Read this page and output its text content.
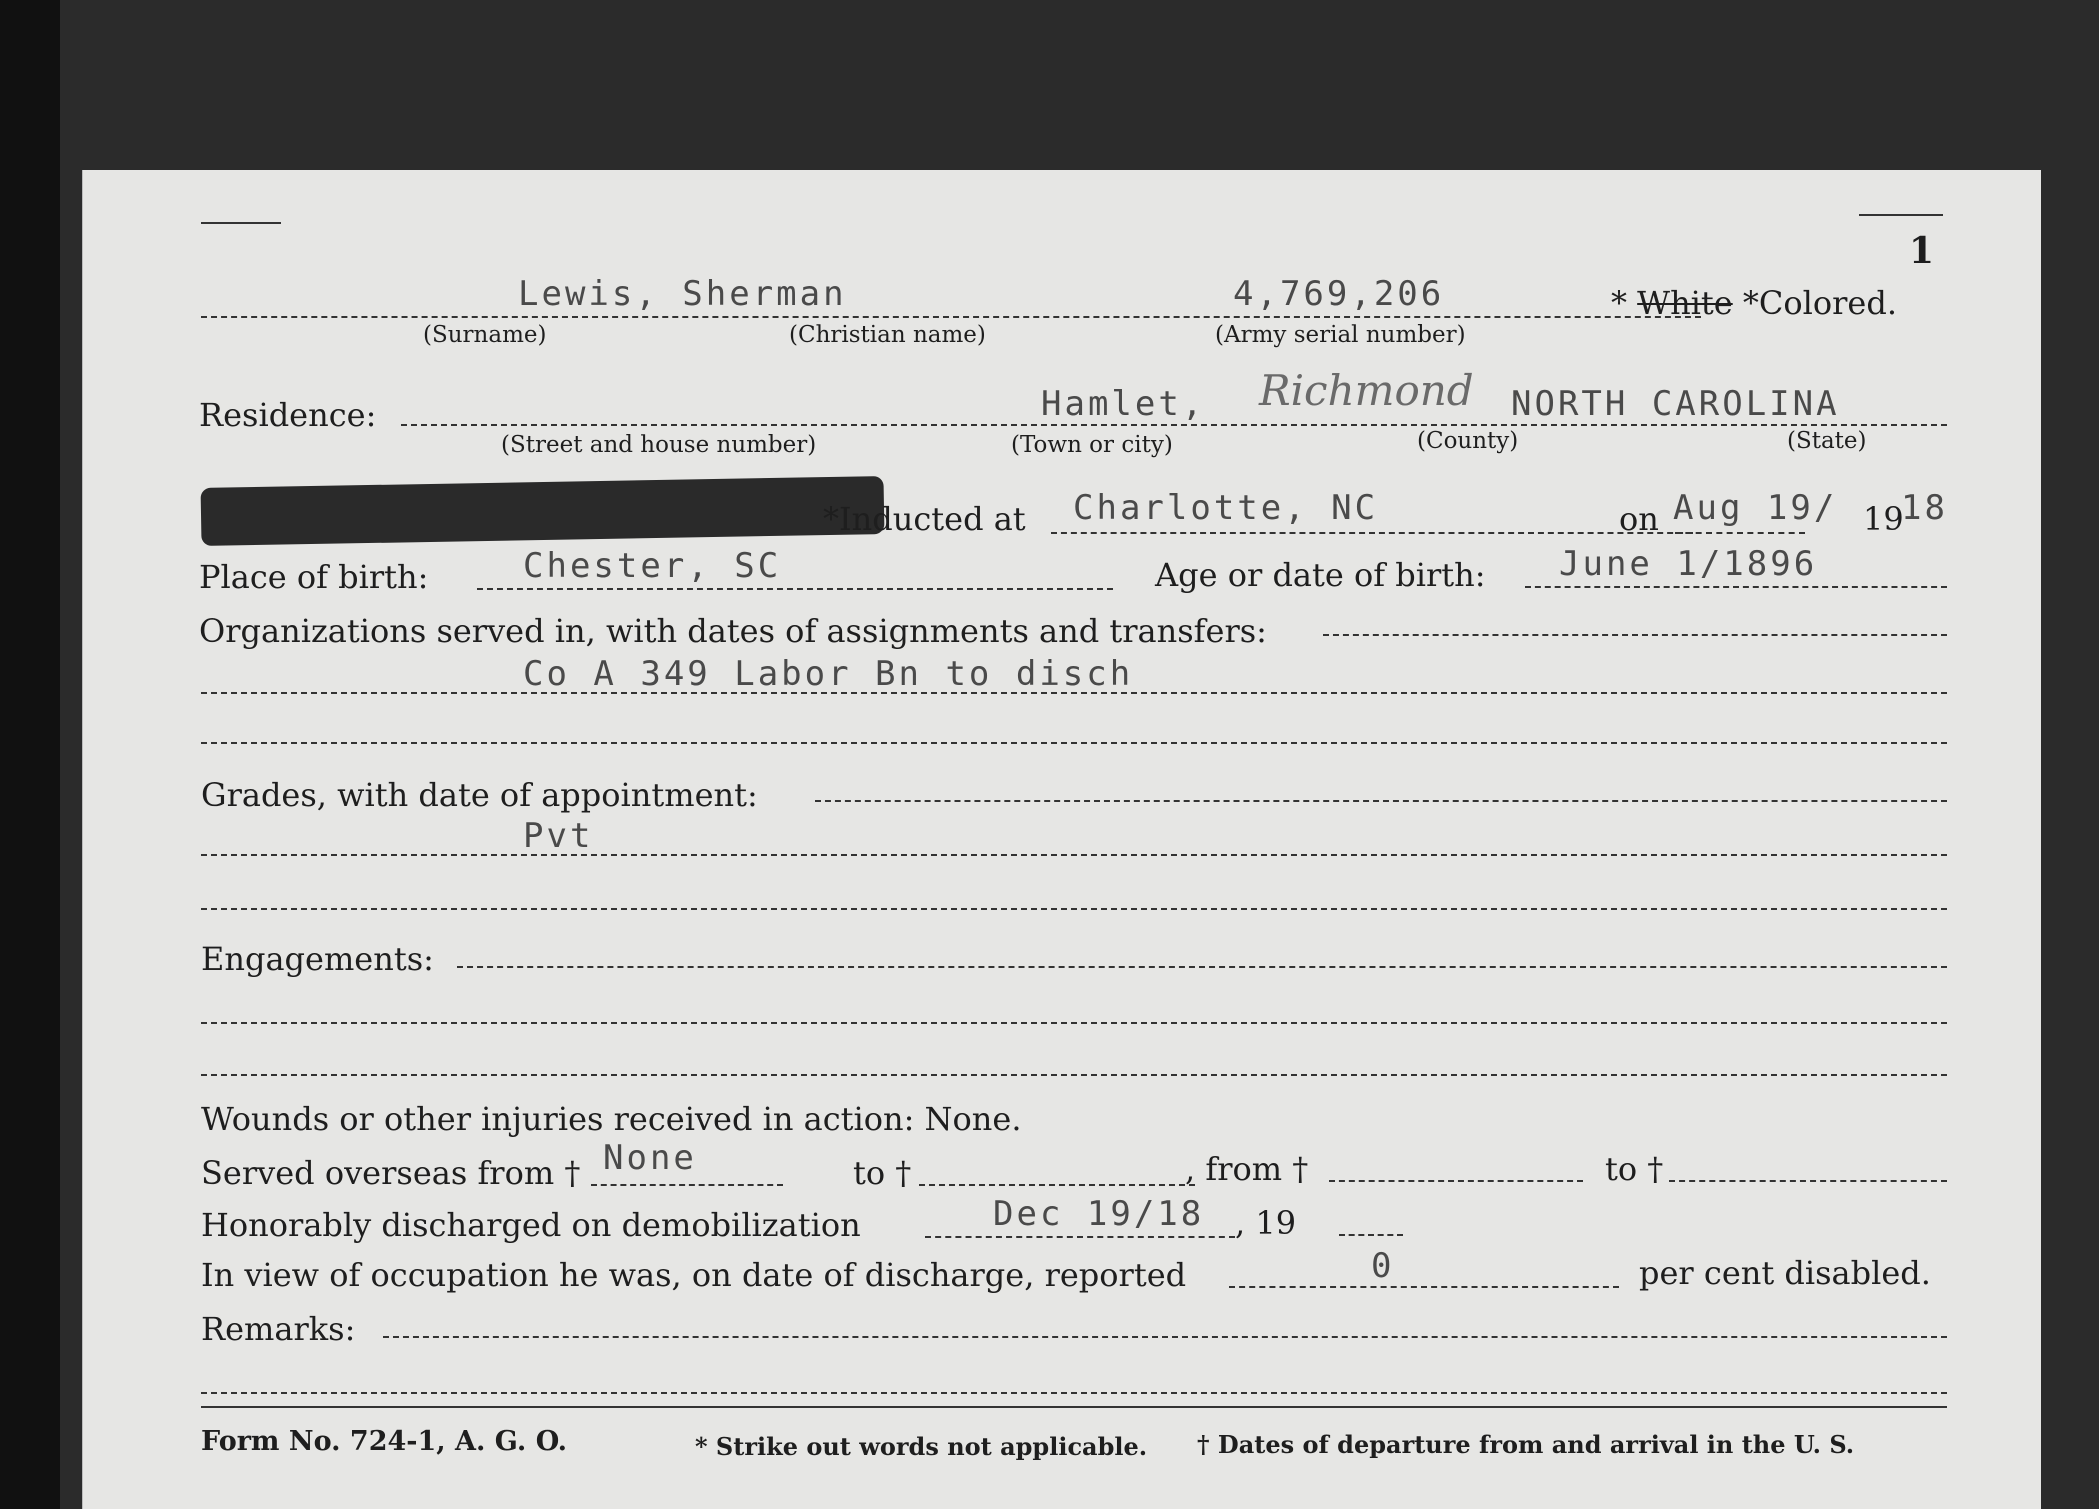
1
Lewis, Sherman	4,769,206	* White *Colored.
(Surname)	(Christian name)	(Army serial number)
Residence:	Hamlet, Richmond NORTH CAROLINA
(Street and house number)	(Town or city)	(County)	(State)
*Inducted at Charlotte, NC	on Aug 19/ 19
18
Place of birth:	Chester, SC	Age or date of birth: June 1/1896
Organizations served in, with dates of assignments and transfers:
Co A 349 Labor Bn to disch
Grades, with date of appointment:
Pvt
Engagements:
Wounds or other injuries received in action: None.
Served overseas from † None	to †	, from †	to †
Honorably discharged on demobilization	Dec 19/18 , 19
In view of occupation he was, on date of discharge, reported	0	per cent disabled.
Remarks:
Form No. 724-1, A. G. O.	* Strike out words not applicable. † Dates of departure from and arrival in the U. S.
